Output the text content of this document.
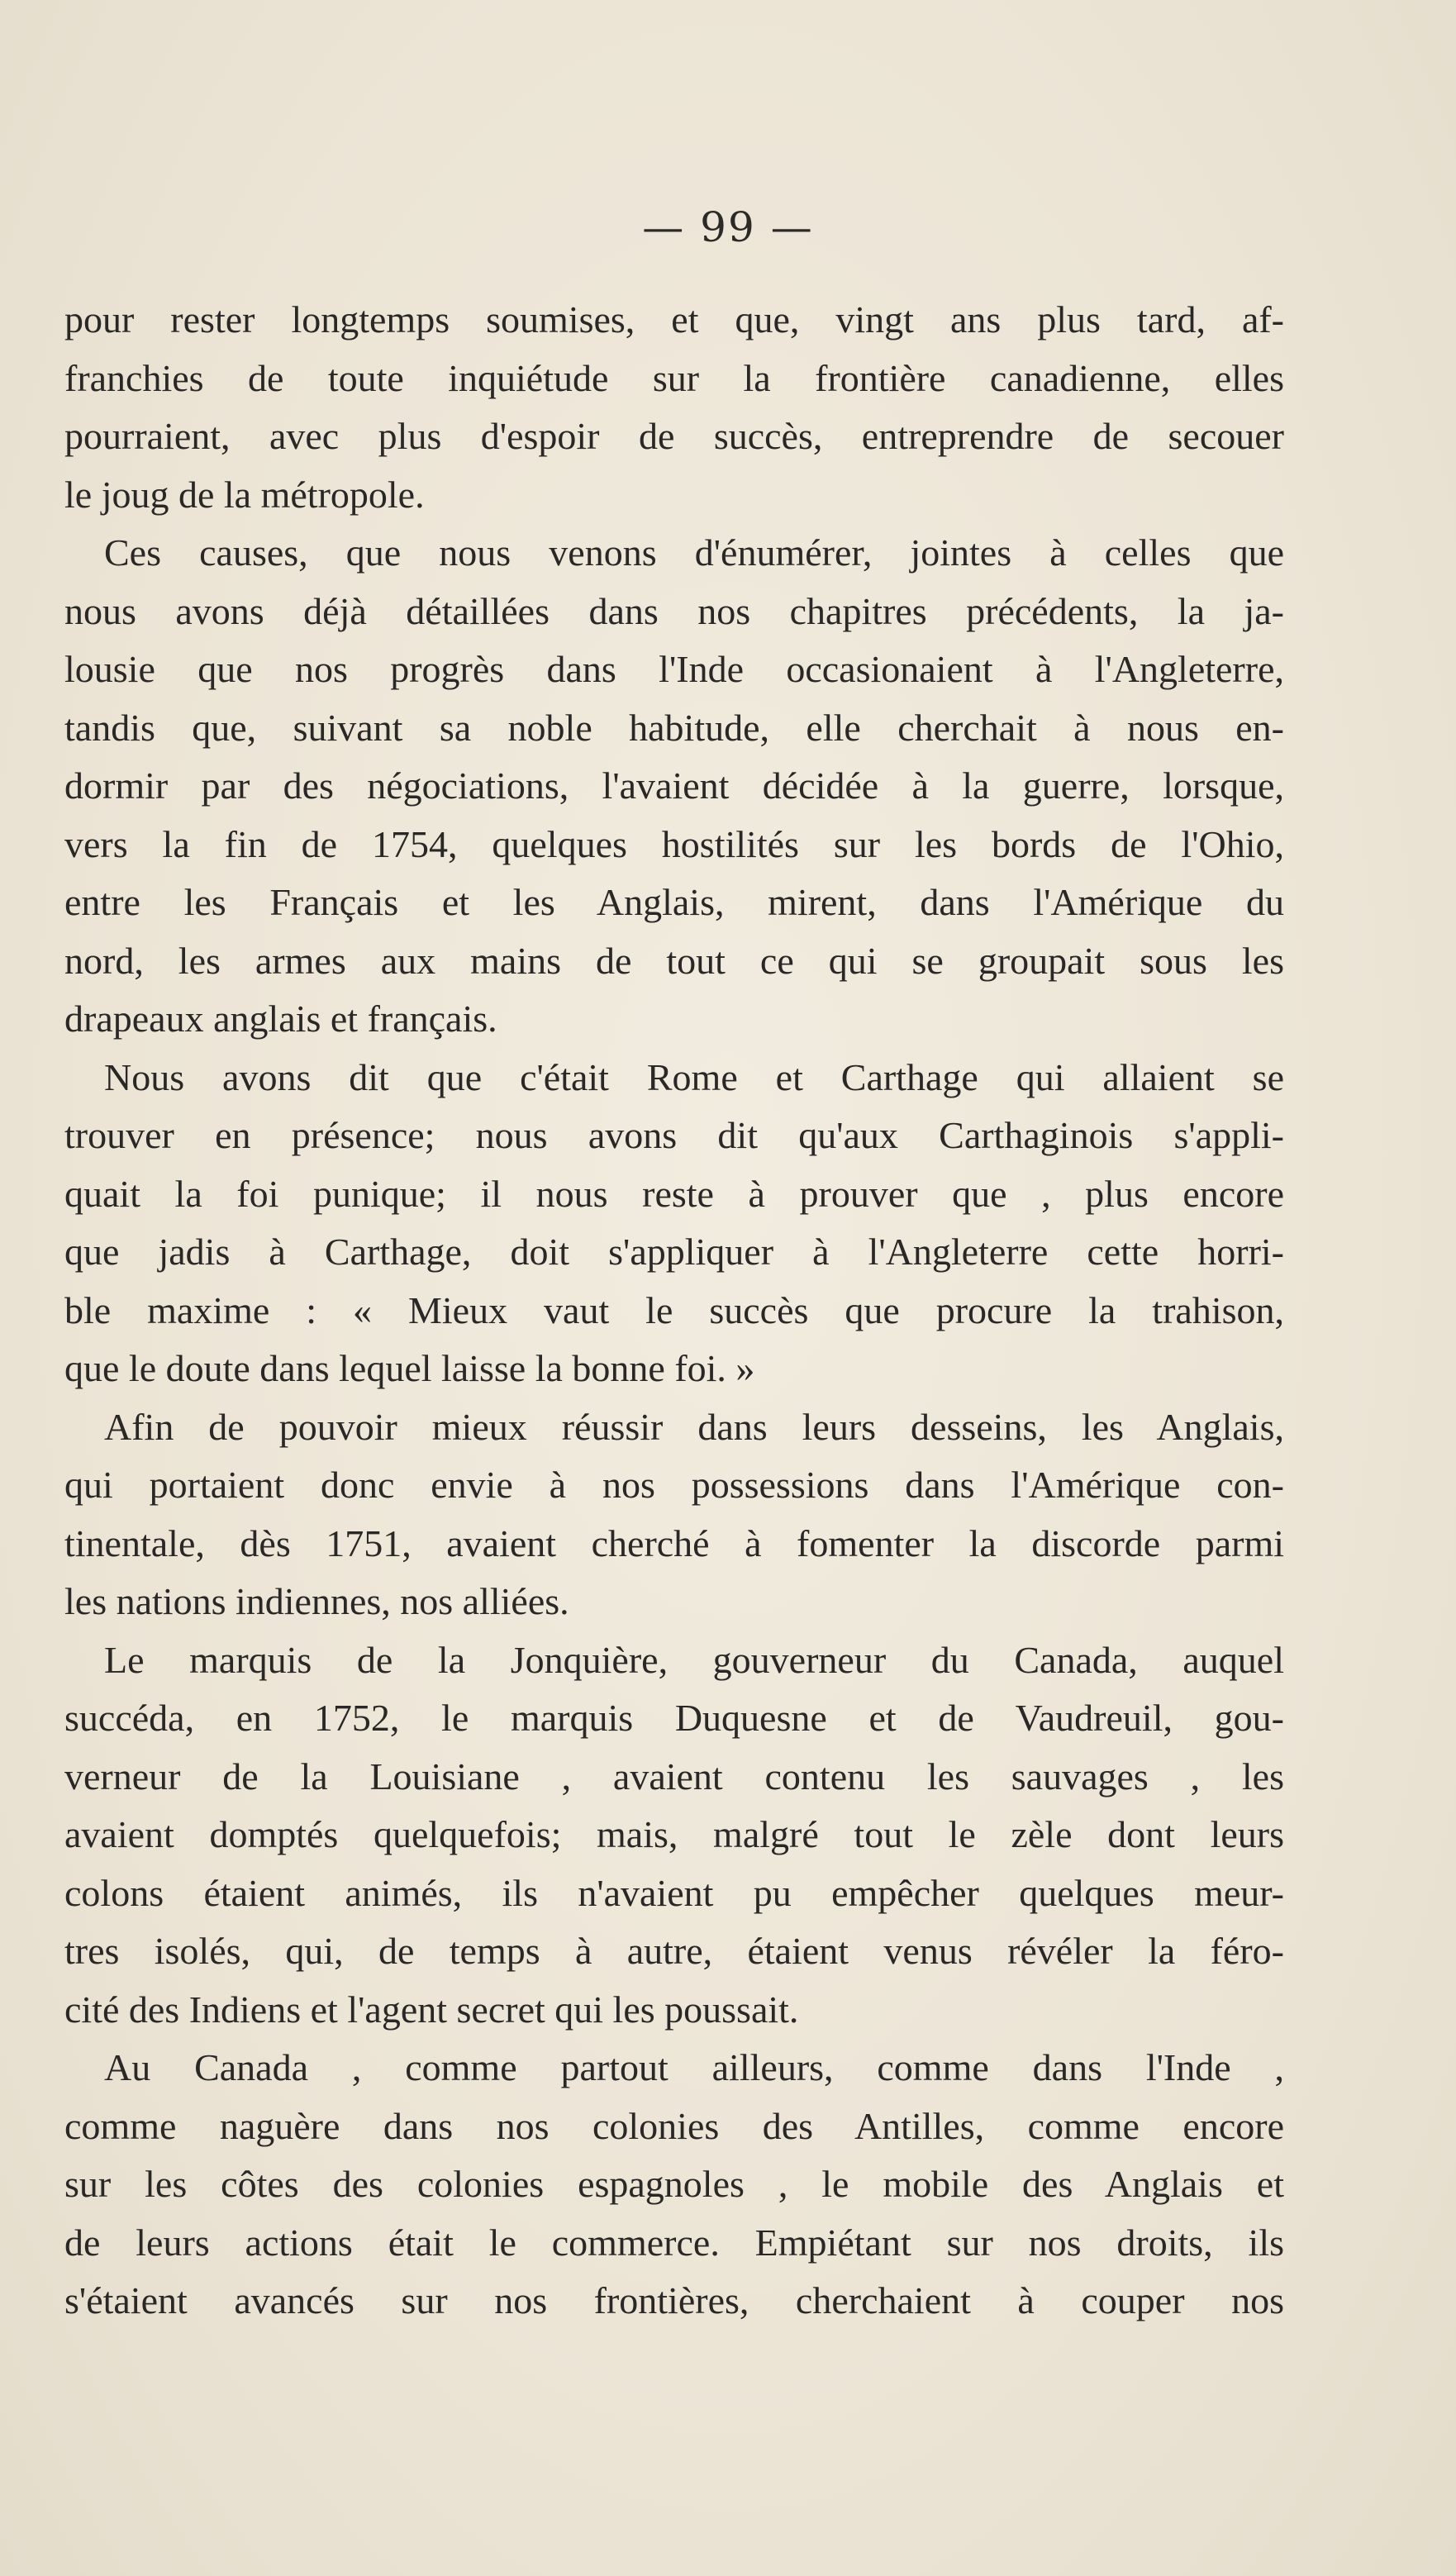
— 99 —
pour rester longtemps soumises, et que, vingt ans plus tard, af-
franchies de toute inquiétude sur la frontière canadienne, elles
pourraient, avec plus d'espoir de succès, entreprendre de secouer
le joug de la métropole.
Ces causes, que nous venons d'énumérer, jointes à celles que
nous avons déjà détaillées dans nos chapitres précédents, la ja-
lousie que nos progrès dans l'Inde occasionaient à l'Angleterre,
tandis que, suivant sa noble habitude, elle cherchait à nous en-
dormir par des négociations, l'avaient décidée à la guerre, lorsque,
vers la fin de 1754, quelques hostilités sur les bords de l'Ohio,
entre les Français et les Anglais, mirent, dans l'Amérique du
nord, les armes aux mains de tout ce qui se groupait sous les
drapeaux anglais et français.
Nous avons dit que c'était Rome et Carthage qui allaient se
trouver en présence; nous avons dit qu'aux Carthaginois s'appli-
quait la foi punique; il nous reste à prouver que , plus encore
que jadis à Carthage, doit s'appliquer à l'Angleterre cette horri-
ble maxime : « Mieux vaut le succès que procure la trahison,
que le doute dans lequel laisse la bonne foi. »
Afin de pouvoir mieux réussir dans leurs desseins, les Anglais,
qui portaient donc envie à nos possessions dans l'Amérique con-
tinentale, dès 1751, avaient cherché à fomenter la discorde parmi
les nations indiennes, nos alliées.
Le marquis de la Jonquière, gouverneur du Canada, auquel
succéda, en 1752, le marquis Duquesne et de Vaudreuil, gou-
verneur de la Louisiane , avaient contenu les sauvages , les
avaient domptés quelquefois; mais, malgré tout le zèle dont leurs
colons étaient animés, ils n'avaient pu empêcher quelques meur-
tres isolés, qui, de temps à autre, étaient venus révéler la féro-
cité des Indiens et l'agent secret qui les poussait.
Au Canada , comme partout ailleurs, comme dans l'Inde ,
comme naguère dans nos colonies des Antilles, comme encore
sur les côtes des colonies espagnoles , le mobile des Anglais et
de leurs actions était le commerce. Empiétant sur nos droits, ils
s'étaient avancés sur nos frontières, cherchaient à couper nos
